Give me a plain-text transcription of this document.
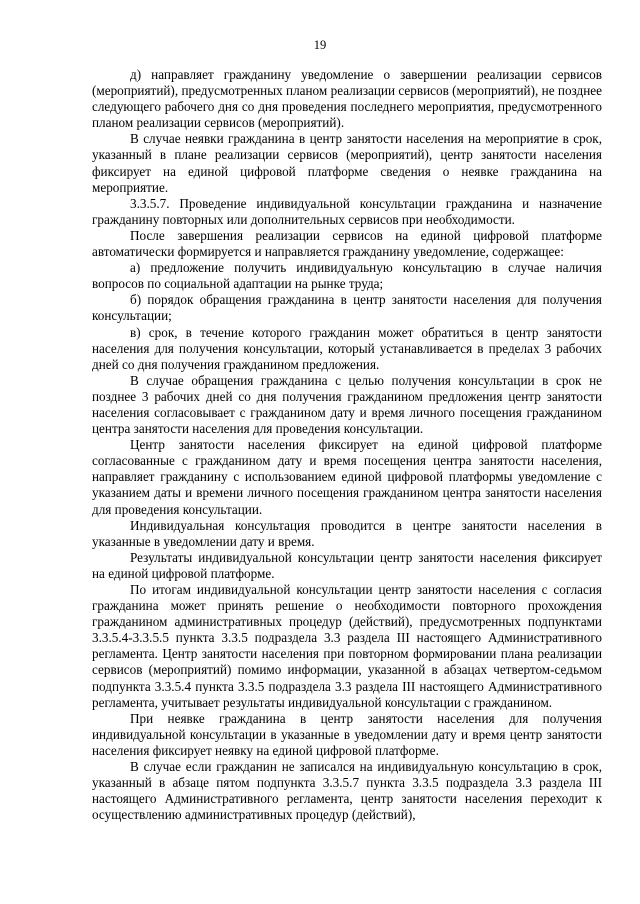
19

д) направляет гражданину уведомление о завершении реализации сервисов (мероприятий), предусмотренных планом реализации сервисов (мероприятий), не позднее следующего рабочего дня со дня проведения последнего мероприятия, предусмотренного планом реализации сервисов (мероприятий).

В случае неявки гражданина в центр занятости населения на мероприятие в срок, указанный в плане реализации сервисов (мероприятий), центр занятости населения фиксирует на единой цифровой платформе сведения о неявке гражданина на мероприятие.

3.3.5.7. Проведение индивидуальной консультации гражданина и назначение гражданину повторных или дополнительных сервисов при необходимости.

После завершения реализации сервисов на единой цифровой платформе автоматически формируется и направляется гражданину уведомление, содержащее:

а) предложение получить индивидуальную консультацию в случае наличия вопросов по социальной адаптации на рынке труда;

б) порядок обращения гражданина в центр занятости населения для получения консультации;

в) срок, в течение которого гражданин может обратиться в центр занятости населения для получения консультации, который устанавливается в пределах 3 рабочих дней со дня получения гражданином предложения.

В случае обращения гражданина с целью получения консультации в срок не позднее 3 рабочих дней со дня получения гражданином предложения центр занятости населения согласовывает с гражданином дату и время личного посещения гражданином центра занятости населения для проведения консультации.

Центр занятости населения фиксирует на единой цифровой платформе согласованные с гражданином дату и время посещения центра занятости населения, направляет гражданину с использованием единой цифровой платформы уведомление с указанием даты и времени личного посещения гражданином центра занятости населения для проведения консультации.

Индивидуальная консультация проводится в центре занятости населения в указанные в уведомлении дату и время.

Результаты индивидуальной консультации центр занятости населения фиксирует на единой цифровой платформе.

По итогам индивидуальной консультации центр занятости населения с согласия гражданина может принять решение о необходимости повторного прохождения гражданином административных процедур (действий), предусмотренных подпунктами 3.3.5.4-3.3.5.5 пункта 3.3.5 подраздела 3.3 раздела III настоящего Административного регламента. Центр занятости населения при повторном формировании плана реализации сервисов (мероприятий) помимо информации, указанной в абзацах четвертом-седьмом подпункта 3.3.5.4 пункта 3.3.5 подраздела 3.3 раздела III настоящего Административного регламента, учитывает результаты индивидуальной консультации с гражданином.

При неявке гражданина в центр занятости населения для получения индивидуальной консультации в указанные в уведомлении дату и время центр занятости населения фиксирует неявку на единой цифровой платформе.

В случае если гражданин не записался на индивидуальную консультацию в срок, указанный в абзаце пятом подпункта 3.3.5.7 пункта 3.3.5 подраздела 3.3 раздела III настоящего Административного регламента, центр занятости населения переходит к осуществлению административных процедур (действий),
